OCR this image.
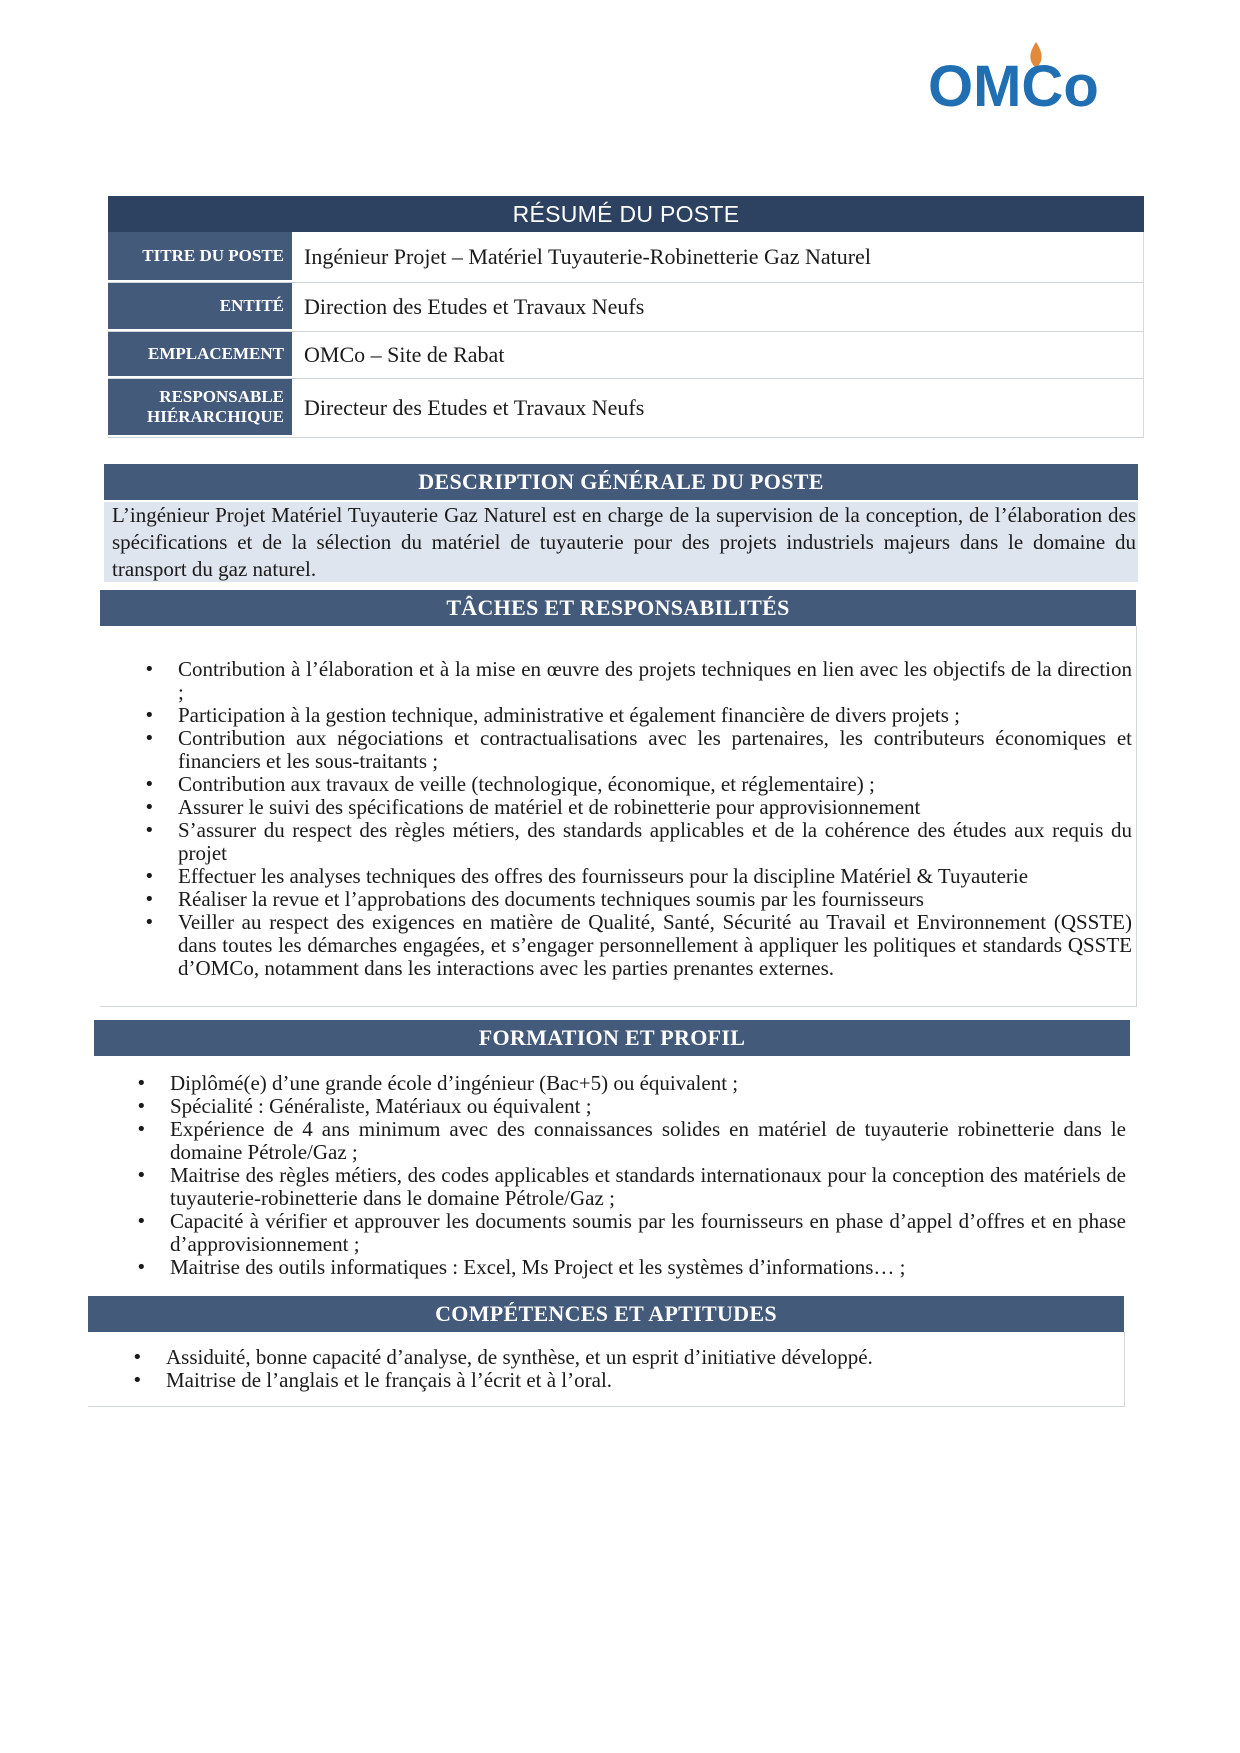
OMCo
RÉSUMÉ DU POSTE
TITRE DU POSTE Ingénieur Projet – Matériel Tuyauterie-Robinetterie Gaz Naturel
ENTITÉ Direction des Etudes et Travaux Neufs
EMPLACEMENT OMCo – Site de Rabat
RESPONSABLE HIÉRARCHIQUE Directeur des Etudes et Travaux Neufs
DESCRIPTION GÉNÉRALE DU POSTE
L’ingénieur Projet Matériel Tuyauterie Gaz Naturel est en charge de la supervision de la conception, de l’élaboration des spécifications et de la sélection du matériel de tuyauterie pour des projets industriels majeurs dans le domaine du transport du gaz naturel.
TÂCHES ET RESPONSABILITÉS
• Contribution à l’élaboration et à la mise en œuvre des projets techniques en lien avec les objectifs de la direction ;
• Participation à la gestion technique, administrative et également financière de divers projets ;
• Contribution aux négociations et contractualisations avec les partenaires, les contributeurs économiques et financiers et les sous-traitants ;
• Contribution aux travaux de veille (technologique, économique, et réglementaire) ;
• Assurer le suivi des spécifications de matériel et de robinetterie pour approvisionnement
• S’assurer du respect des règles métiers, des standards applicables et de la cohérence des études aux requis du projet
• Effectuer les analyses techniques des offres des fournisseurs pour la discipline Matériel & Tuyauterie
• Réaliser la revue et l’approbations des documents techniques soumis par les fournisseurs
• Veiller au respect des exigences en matière de Qualité, Santé, Sécurité au Travail et Environnement (QSSTE) dans toutes les démarches engagées, et s’engager personnellement à appliquer les politiques et standards QSSTE d’OMCo, notamment dans les interactions avec les parties prenantes externes.
FORMATION ET PROFIL
• Diplômé(e) d’une grande école d’ingénieur (Bac+5) ou équivalent ;
• Spécialité : Généraliste, Matériaux ou équivalent ;
• Expérience de 4 ans minimum avec des connaissances solides en matériel de tuyauterie robinetterie dans le domaine Pétrole/Gaz ;
• Maitrise des règles métiers, des codes applicables et standards internationaux pour la conception des matériels de tuyauterie-robinetterie dans le domaine Pétrole/Gaz ;
• Capacité à vérifier et approuver les documents soumis par les fournisseurs en phase d’appel d’offres et en phase d’approvisionnement ;
• Maitrise des outils informatiques : Excel, Ms Project et les systèmes d’informations… ;
COMPÉTENCES ET APTITUDES
• Assiduité, bonne capacité d’analyse, de synthèse, et un esprit d’initiative développé.
• Maitrise de l’anglais et le français à l’écrit et à l’oral.
